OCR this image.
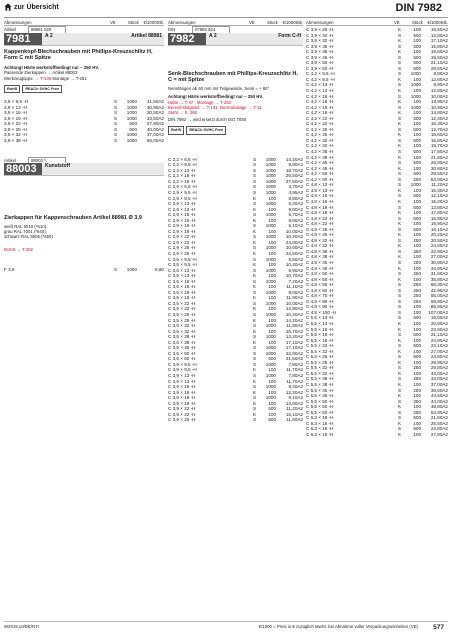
zur Übersicht	DIN 7982
Abmessungen	VE	Stück	€/1000Stk.
Artikel	88981 020
7981	A 2	Artikel 88981
Kappenkopf-Blechschrauben mit Phillips-Kreuzschlitz H, Form C mit Spitze
Achtung! Härte werkstoffbedingt nur ~ 250 HV.
Passende Zierkappen → Artikel 88003
Werkzeugtipps: → T-336 Montage → T-251
RoHS	REACh SVHC Free
3,9 × 9,5 -H	S	1000	31,50A2
3,9 × 13 -H	S	1000	30,90A2
3,9 × 16 -H	S	1000	20,50A2
3,9 × 19 -H	S	1000	33,50A2
3,9 × 22 -H	S	500	27,90A2
3,9 × 25 -H	S	500	40,00A2
3,9 × 32 -H	S	1000	37,00A2
3,9 × 38 -H	S	1000	56,00A2
Artikel	88003 *
88003	Kunststoff
Zierkappen für Kappenschrauben Artikel 88981 Ø 3,9
weiß RAL 9010 (*610),
grau RAL 7001 (*640),
schwarz RAL 9005 (*650)
RoHS → T-202
F 3,9	S	1000	8,60
Abmessungen	VE	Stück	€/1000Stk.
DIN	07982 924
7982	A 2	Form C-H
Senk-Blechschrauben mit Phillips-Kreuzschlitz H, C = mit Spitze
Nennlängen ab 60 mm mit Teilgewinde, Senk = + 80°
Achtung! Härte werkstoffbedingt nur ~ 250 HV.
Halte → T-47 Montage → T-252
Bereichsfolgend. → T-131 Normalzulage → T-11
Stahl → S. 368
DIN 7982 → wird ersetzt durch ISO 7050
RoHS	REACh SVHC Free
C 2,2 × 6,5 -H	S	1000	14,20A2
C 2,2 × 9,5 -H	S	1000	9,80A2
C 2,2 × 13 -H	S	1000	18,70A2
C 2,2 × 16 -H	S	1000	26,50A2
C 2,2 × 19 -H	S	1000	37,50A2
C 2,9 × 6,5 -H	S	1000	4,70A2
C 2,9 × 9,5 -H	S	1000	4,95A2
C 2,9 × 9,5 -H	K	100	8,80A2
C 2,9 × 13 -H	S	1000	5,20A2
C 2,9 × 13 -H	K	100	9,00A2
C 2,9 × 16 -H	S	1000	5,70A2
C 2,9 × 16 -H	K	100	9,60A2
C 2,9 × 19 -H	S	1000	6,10A2
C 2,9 × 19 -H	K	100	10,00A2
C 2,9 × 22 -H	S	1000	10,20A2
C 2,9 × 22 -H	K	100	24,00A2
C 2,9 × 25 -H	S	1000	10,60A2
C 2,9 × 25 -H	K	100	34,50A2
C 3,5 × 9,5 -H	S	1000	6,50A2
C 3,5 × 9,5 -H	K	100	10,40A2
C 3,5 × 13 -H	S	1000	6,90A2
C 3,5 × 13 -H	K	100	10,70A2
C 3,5 × 16 -H	S	1000	7,20A2
C 3,5 × 16 -H	K	100	11,10A2
C 3,5 × 19 -H	S	1000	9,00A2
C 3,5 × 19 -H	K	100	11,90A2
C 3,5 × 22 -H	S	1000	10,00A2
C 3,5 × 22 -H	K	100	13,90A2
C 3,5 × 25 -H	S	1000	10,40A2
C 3,5 × 25 -H	K	100	14,20A2
C 3,5 × 32 -H	S	1000	11,80A2
C 3,5 × 32 -H	K	100	15,70A2
C 3,5 × 38 -H	S	1000	13,20A2
C 3,5 × 38 -H	K	100	17,10A2
C 3,5 × 45 -H	S	1000	17,10A2
C 3,5 × 50 -H	S	1000	22,80A2
C 3,5 × 60 -H	S	500	31,50A2
C 3,9 × 9,5 -H	S	1000	7,80A2
C 3,9 × 9,5 -H	K	100	11,70A2
C 3,9 × 13 -H	S	1000	7,80A2
C 3,9 × 13 -H	K	100	11,70A2
C 3,9 × 16 -H	S	1000	8,40A2
C 3,9 × 16 -H	K	100	12,30A2
C 3,9 × 19 -H	S	1000	9,10A2
C 3,9 × 19 -H	K	100	13,00A2
C 3,9 × 22 -H	S	500	11,20A2
C 3,9 × 22 -H	K	100	15,10A2
C 3,9 × 25 -H	S	500	11,60A2
Abmessungen	VE	Stück	€/1000Stk.
C 3,9 × 25 -H	K	100	15,50A2
C 3,9 × 32 -H	S	500	13,80A2
C 3,9 × 32 -H	K	100	17,10A2
C 3,9 × 38 -H	S	500	15,80A2
C 3,9 × 38 -H	K	100	19,60A2
C 3,9 × 45 -H	S	500	19,50A2
C 3,9 × 50 -H	S	500	21,10A2
C 3,9 × 60 -H	S	500	28,50A2
C 4,2 × 9,5 -H	S	1000	8,80A2
C 4,2 × 9,5 -H	K	100	12,60A2
C 4,2 × 13 -H	S	1000	8,90A2
C 4,2 × 13 -H	K	100	12,80A2
C 4,2 × 16 -H	S	1000	10,00A2
C 4,2 × 16 -H	K	100	13,90A2
C 4,2 × 19 -H	S	1000	10,90A2
C 4,2 × 19 -H	K	100	14,80A2
C 4,2 × 22 -H	S	500	12,40A2
C 4,2 × 22 -H	K	100	16,30A2
C 4,2 × 25 -H	S	500	12,70A2
C 4,2 × 25 -H	K	100	16,60A2
C 4,2 × 32 -H	S	500	15,80A2
C 4,2 × 32 -H	K	100	19,70A2
C 4,2 × 38 -H	S	500	17,80A2
C 4,2 × 38 -H	K	100	21,80A2
C 4,2 × 45 -H	S	500	26,80A2
C 4,2 × 45 -H	K	100	30,80A2
C 4,2 × 50 -H	S	500	29,50A2
C 4,2 × 60 -H	S	250	53,80A2
C 4,8 × 13 -H	S	1000	11,20A2
C 4,8 × 13 -H	K	100	15,30A2
C 4,8 × 16 -H	S	500	12,10A2
C 4,8 × 16 -H	K	100	16,20A2
C 4,8 × 19 -H	S	500	13,80A2
C 4,8 × 19 -H	K	100	17,80A2
C 4,8 × 22 -H	S	500	15,80A2
C 4,8 × 22 -H	K	100	19,90A2
C 4,8 × 25 -H	S	500	16,10A2
C 4,8 × 25 -H	K	100	20,20A2
C 4,8 × 32 -H	S	250	20,50A2
C 4,8 × 32 -H	K	100	24,60A2
C 4,8 × 38 -H	S	250	22,90A2
C 4,8 × 38 -H	K	100	27,00A2
C 4,8 × 45 -H	S	250	30,80A2
C 4,8 × 45 -H	K	100	34,90A2
C 4,8 × 50 -H	S	250	31,60A2
C 4,8 × 50 -H	K	100	35,80A2
C 4,8 × 55 -H	S	250	66,30A2
C 4,8 × 60 -H	S	250	42,90A2
C 4,8 × 70 -H	S	250	55,00A2
C 4,8 × 80 -H	S	250	68,80A2
C 4,8 × 90 -H	S	100	85,80A2
C 4,8 × 100 -H	S	100	107,00A2
C 5,5 × 13 -H	S	500	16,50A2
C 5,5 × 13 -H	K	100	20,60A2
C 5,5 × 16 -H	K	100	23,60A2
C 5,5 × 19 -H	S	500	21,10A2
C 5,5 × 19 -H	K	100	24,90A2
C 5,5 × 22 -H	S	500	23,10A2
C 5,5 × 22 -H	K	100	27,00A2
C 5,5 × 25 -H	S	500	24,80A2
C 5,5 × 25 -H	K	100	29,80A2
C 5,5 × 32 -H	S	250	28,80A2
C 5,5 × 32 -H	K	100	33,00A2
C 5,5 × 38 -H	S	250	33,00A2
C 5,5 × 38 -H	K	100	37,00A2
C 5,5 × 45 -H	S	250	39,50A2
C 5,5 × 45 -H	K	100	43,50A2
C 5,5 × 50 -H	S	250	44,00A2
C 5,5 × 50 -H	K	100	48,80A2
C 5,5 × 60 -H	S	250	53,80A2
C 6,3 × 16 -H	S	500	21,60A2
C 6,3 × 16 -H	K	100	25,50A2
C 6,3 × 19 -H	S	500	23,80A2
C 6,3 × 19 -H	K	100	27,80A2
W2019,10/DE/NTI	€/1000 = Preis in € zuzüglich MwSt. bei Abnahme voller Verpackungseinheiten (VE) 577
